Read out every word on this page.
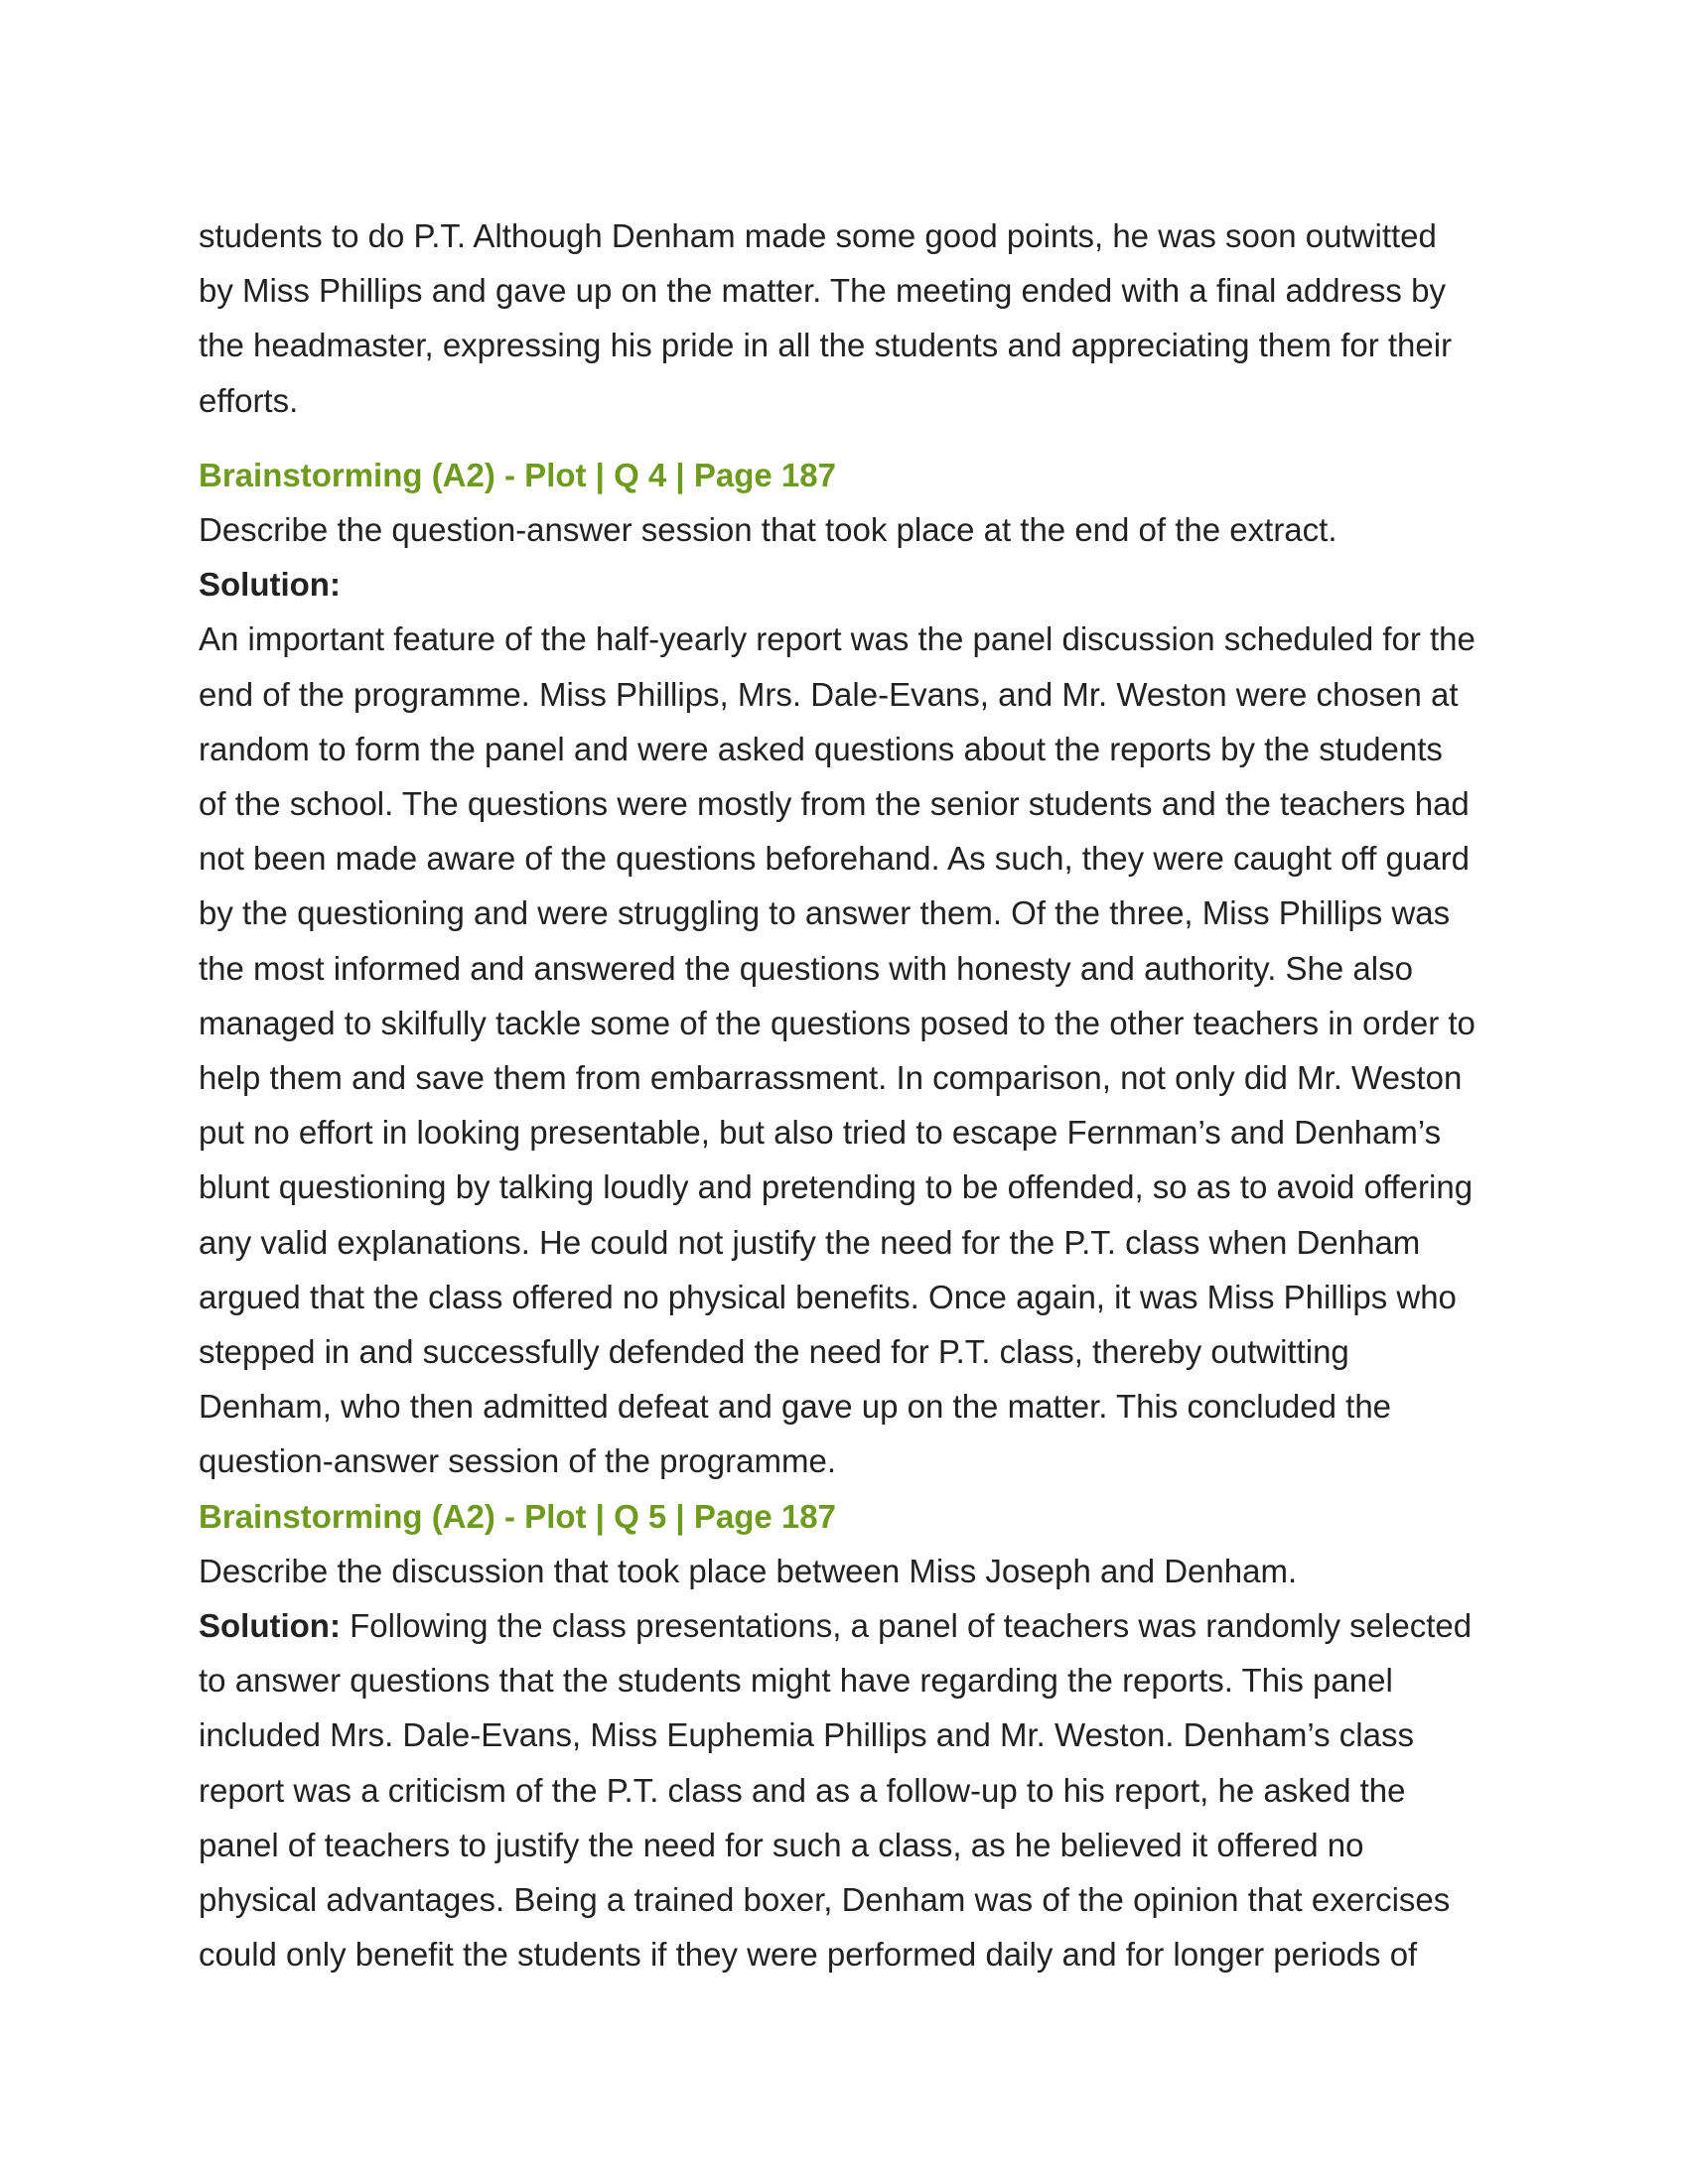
students to do P.T. Although Denham made some good points, he was soon outwitted
by Miss Phillips and gave up on the matter. The meeting ended with a final address by
the headmaster, expressing his pride in all the students and appreciating them for their
efforts.
Brainstorming (A2) - Plot | Q 4 | Page 187
Describe the question-answer session that took place at the end of the extract.
Solution:
An important feature of the half-yearly report was the panel discussion scheduled for the
end of the programme. Miss Phillips, Mrs. Dale-Evans, and Mr. Weston were chosen at
random to form the panel and were asked questions about the reports by the students
of the school. The questions were mostly from the senior students and the teachers had
not been made aware of the questions beforehand. As such, they were caught off guard
by the questioning and were struggling to answer them. Of the three, Miss Phillips was
the most informed and answered the questions with honesty and authority. She also
managed to skilfully tackle some of the questions posed to the other teachers in order to
help them and save them from embarrassment. In comparison, not only did Mr. Weston
put no effort in looking presentable, but also tried to escape Fernman’s and Denham’s
blunt questioning by talking loudly and pretending to be offended, so as to avoid offering
any valid explanations. He could not justify the need for the P.T. class when Denham
argued that the class offered no physical benefits. Once again, it was Miss Phillips who
stepped in and successfully defended the need for P.T. class, thereby outwitting
Denham, who then admitted defeat and gave up on the matter. This concluded the
question-answer session of the programme.
Brainstorming (A2) - Plot | Q 5 | Page 187
Describe the discussion that took place between Miss Joseph and Denham.
Solution: Following the class presentations, a panel of teachers was randomly selected
to answer questions that the students might have regarding the reports. This panel
included Mrs. Dale-Evans, Miss Euphemia Phillips and Mr. Weston. Denham’s class
report was a criticism of the P.T. class and as a follow-up to his report, he asked the
panel of teachers to justify the need for such a class, as he believed it offered no
physical advantages. Being a trained boxer, Denham was of the opinion that exercises
could only benefit the students if they were performed daily and for longer periods of
